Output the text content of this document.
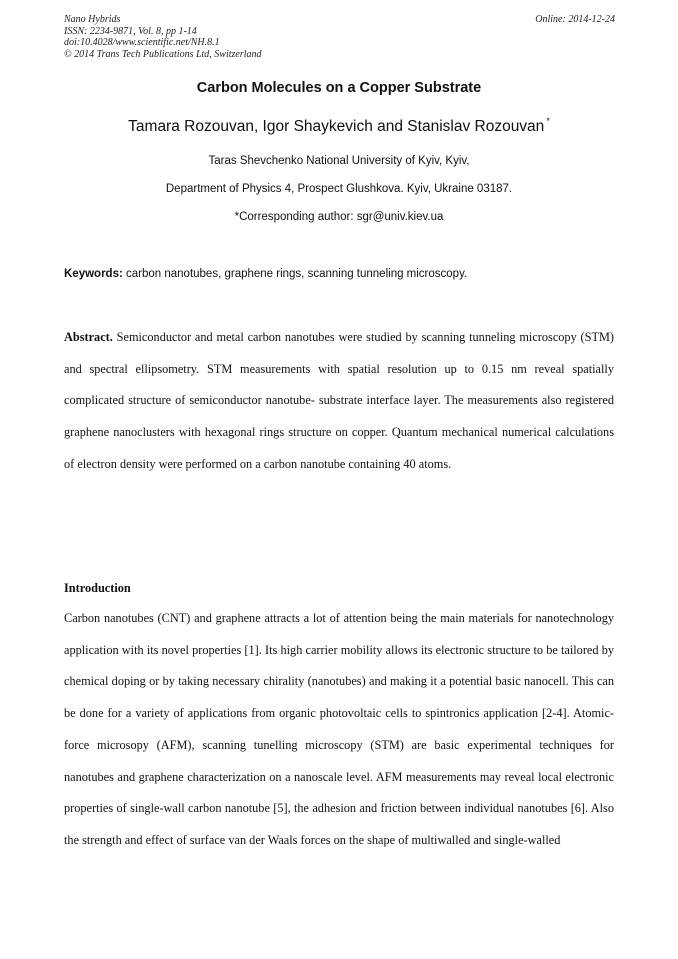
Nano Hybrids
ISSN: 2234-9871, Vol. 8, pp 1-14
doi:10.4028/www.scientific.net/NH.8.1
© 2014 Trans Tech Publications Ltd, Switzerland
Online: 2014-12-24
Carbon Molecules on a Copper Substrate
Tamara Rozouvan, Igor Shaykevich and Stanislav Rozouvan *
Taras Shevchenko National University of Kyiv, Kyiv,
Department of Physics 4, Prospect Glushkova. Kyiv, Ukraine 03187.
*Corresponding author: sgr@univ.kiev.ua
Keywords: carbon nanotubes, graphene rings, scanning tunneling microscopy.
Abstract. Semiconductor and metal carbon nanotubes were studied by scanning tunneling microscopy (STM) and spectral ellipsometry. STM measurements with spatial resolution up to 0.15 nm reveal spatially complicated structure of semiconductor nanotube- substrate interface layer. The measurements also registered graphene nanoclusters with hexagonal rings structure on copper. Quantum mechanical numerical calculations of electron density were performed on a carbon nanotube containing 40 atoms.
Introduction
Carbon nanotubes (CNT) and graphene attracts a lot of attention being the main materials for nanotechnology application with its novel properties [1]. Its high carrier mobility allows its electronic structure to be tailored by chemical doping or by taking necessary chirality (nanotubes) and making it a potential basic nanocell. This can be done for a variety of applications from organic photovoltaic cells to spintronics application [2-4]. Atomic-force microsopy (AFM), scanning tunelling microscopy (STM) are basic experimental techniques for nanotubes and graphene characterization on a nanoscale level. AFM measurements may reveal local electronic properties of single-wall carbon nanotube [5], the adhesion and friction between individual nanotubes [6]. Also the strength and effect of surface van der Waals forces on the shape of multiwalled and single-walled
